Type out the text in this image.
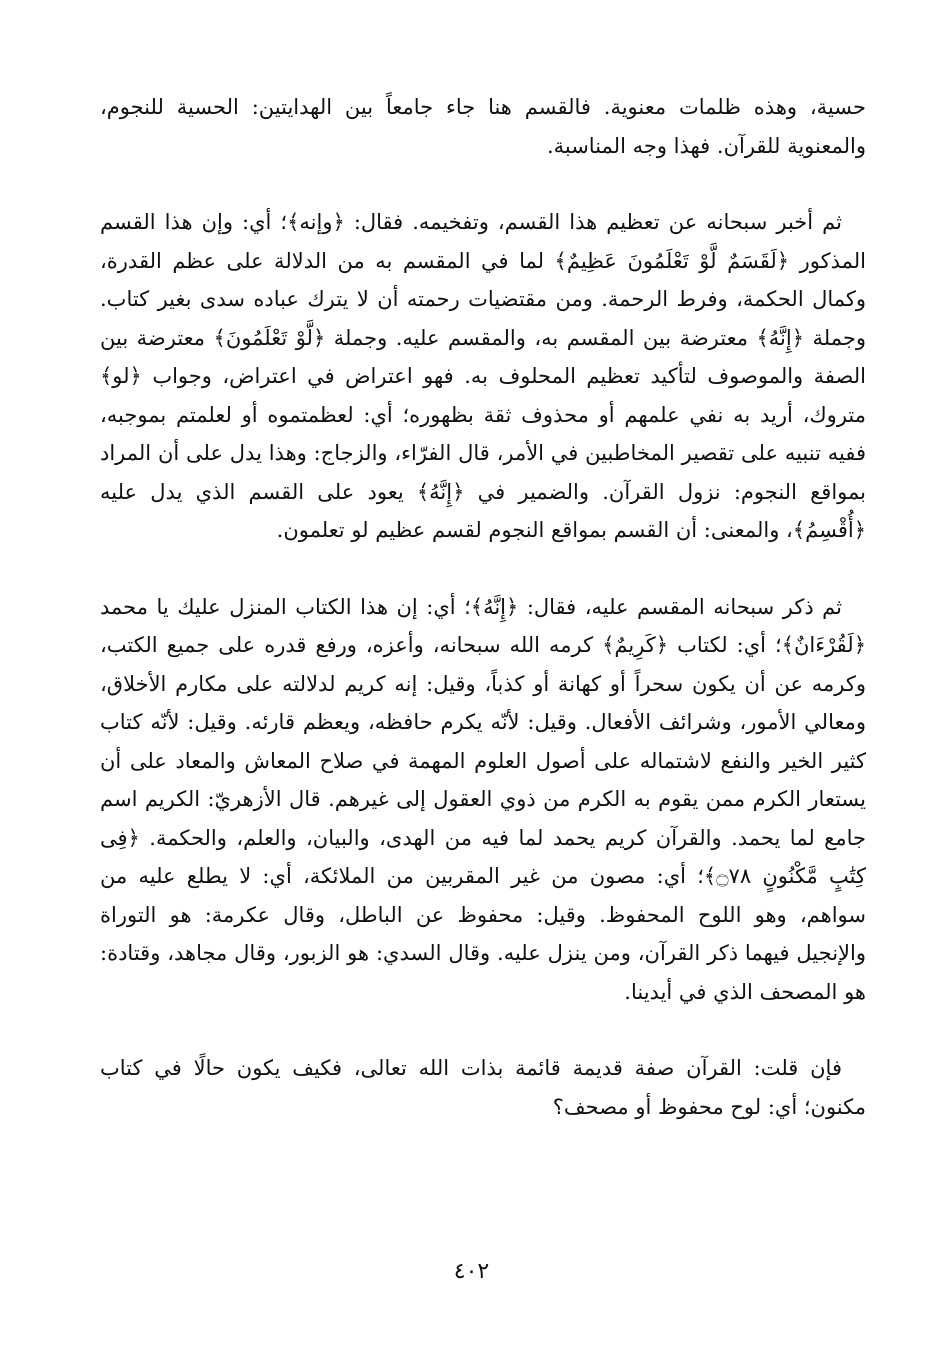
حسية، وهذه ظلمات معنوية. فالقسم هنا جاء جامعاً بين الهدايتين: الحسية للنجوم، والمعنوية للقرآن. فهذا وجه المناسبة.

ثم أخبر سبحانه عن تعظيم هذا القسم، وتفخيمه. فقال: ﴿وإنه﴾؛ أي: وإن هذا القسم المذكور ﴿لَقَسَمٌ لَّوْ تَعْلَمُونَ عَظِيمٌ﴾ لما في المقسم به من الدلالة على عظم القدرة، وكمال الحكمة، وفرط الرحمة. ومن مقتضيات رحمته أن لا يترك عباده سدى بغير كتاب. وجملة ﴿إِنَّهُ﴾ معترضة بين المقسم به، والمقسم عليه. وجملة ﴿لَّوْ تَعْلَمُونَ﴾ معترضة بين الصفة والموصوف لتأكيد تعظيم المحلوف به. فهو اعتراض في اعتراض، وجواب ﴿لو﴾ متروك، أريد به نفي علمهم أو محذوف ثقة بظهوره؛ أي: لعظمتموه أو لعلمتم بموجبه، ففيه تنبيه على تقصير المخاطبين في الأمر، قال الفرّاء، والزجاج: وهذا يدل على أن المراد بمواقع النجوم: نزول القرآن. والضمير في ﴿إِنَّهُ﴾ يعود على القسم الذي يدل عليه ﴿أُقْسِمُ﴾، والمعنى: أن القسم بمواقع النجوم لقسم عظيم لو تعلمون.

ثم ذكر سبحانه المقسم عليه، فقال: ﴿إِنَّهُ﴾؛ أي: إن هذا الكتاب المنزل عليك يا محمد ﴿لَقُرْءَانٌ﴾؛ أي: لكتاب ﴿كَرِيمٌ﴾ كرمه الله سبحانه، وأعزه، ورفع قدره على جميع الكتب، وكرمه عن أن يكون سحراً أو كهانة أو كذباً، وقيل: إنه كريم لدلالته على مكارم الأخلاق، ومعالي الأمور، وشرائف الأفعال. وقيل: لأنّه يكرم حافظه، ويعظم قارئه. وقيل: لأنّه كتاب كثير الخير والنفع لاشتماله على أصول العلوم المهمة في صلاح المعاش والمعاد على أن يستعار الكرم ممن يقوم به الكرم من ذوي العقول إلى غيرهم. قال الأزهريّ: الكريم اسم جامع لما يحمد. والقرآن كريم يحمد لما فيه من الهدى، والبيان، والعلم، والحكمة. ﴿فِى كِتَٰبٍ مَّكْنُونٍ ۝٧٨﴾؛ أي: مصون من غير المقربين من الملائكة، أي: لا يطلع عليه من سواهم، وهو اللوح المحفوظ. وقيل: محفوظ عن الباطل، وقال عكرمة: هو التوراة والإنجيل فيهما ذكر القرآن، ومن ينزل عليه. وقال السدي: هو الزبور، وقال مجاهد، وقتادة: هو المصحف الذي في أيدينا.

فإن قلت: القرآن صفة قديمة قائمة بذات الله تعالى، فكيف يكون حالًا في كتاب مكنون؛ أي: لوح محفوظ أو مصحف؟

٤٠٢
